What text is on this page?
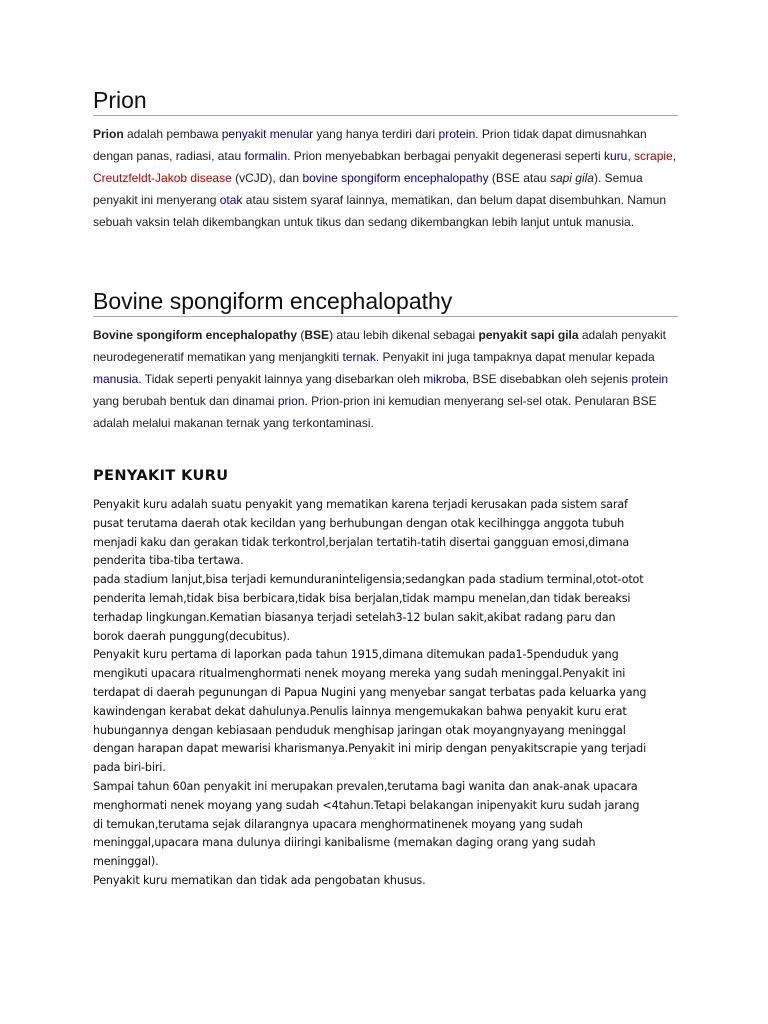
Prion

Prion adalah pembawa penyakit menular yang hanya terdiri dari protein. Prion tidak dapat dimusnahkan dengan panas, radiasi, atau formalin. Prion menyebabkan berbagai penyakit degenerasi seperti kuru, scrapie, Creutzfeldt-Jakob disease (vCJD), dan bovine spongiform encephalopathy (BSE atau sapi gila). Semua penyakit ini menyerang otak atau sistem syaraf lainnya, mematikan, dan belum dapat disembuhkan. Namun sebuah vaksin telah dikembangkan untuk tikus dan sedang dikembangkan lebih lanjut untuk manusia.

Bovine spongiform encephalopathy

Bovine spongiform encephalopathy (BSE) atau lebih dikenal sebagai penyakit sapi gila adalah penyakit neurodegeneratif mematikan yang menjangkiti ternak. Penyakit ini juga tampaknya dapat menular kepada manusia. Tidak seperti penyakit lainnya yang disebarkan oleh mikroba, BSE disebabkan oleh sejenis protein yang berubah bentuk dan dinamai prion. Prion-prion ini kemudian menyerang sel-sel otak. Penularan BSE adalah melalui makanan ternak yang terkontaminasi.

PENYAKIT KURU

Penyakit kuru adalah suatu penyakit yang mematikan karena terjadi kerusakan pada sistem saraf

pusat terutama daerah otak kecildan yang berhubungan dengan otak kecilhingga anggota tubuh

menjadi kaku dan gerakan tidak terkontrol,berjalan tertatih-tatih disertai gangguan emosi,dimana

penderita tiba-tiba tertawa.

pada stadium lanjut,bisa terjadi kemunduraninteligensia;sedangkan pada stadium terminal,otot-otot

penderita lemah,tidak bisa berbicara,tidak bisa berjalan,tidak mampu menelan,dan tidak bereaksi

terhadap lingkungan.Kematian biasanya terjadi setelah3-12 bulan sakit,akibat radang paru dan

borok daerah punggung(decubitus).

Penyakit kuru pertama di laporkan pada tahun 1915,dimana ditemukan pada1-5penduduk yang

mengikuti upacara ritualmenghormati nenek moyang mereka yang sudah meninggal.Penyakit ini

terdapat di daerah pegunungan di Papua Nugini yang menyebar sangat terbatas pada keluarka yang

kawindengan kerabat dekat dahulunya.Penulis lainnya mengemukakan bahwa penyakit kuru erat

hubungannya dengan kebiasaan penduduk menghisap jaringan otak moyangnyayang meninggal

dengan harapan dapat mewarisi kharismanya.Penyakit ini mirip dengan penyakitscrapie yang terjadi

pada biri-biri.

Sampai tahun 60an penyakit ini merupakan prevalen,terutama bagi wanita dan anak-anak upacara

menghormati nenek moyang yang sudah <4tahun.Tetapi belakangan inipenyakit kuru sudah jarang

di temukan,terutama sejak dilarangnya upacara menghormatinenek moyang yang sudah

meninggal,upacara mana dulunya diiringi kanibalisme (memakan daging orang yang sudah

meninggal).

Penyakit kuru mematikan dan tidak ada pengobatan khusus.
